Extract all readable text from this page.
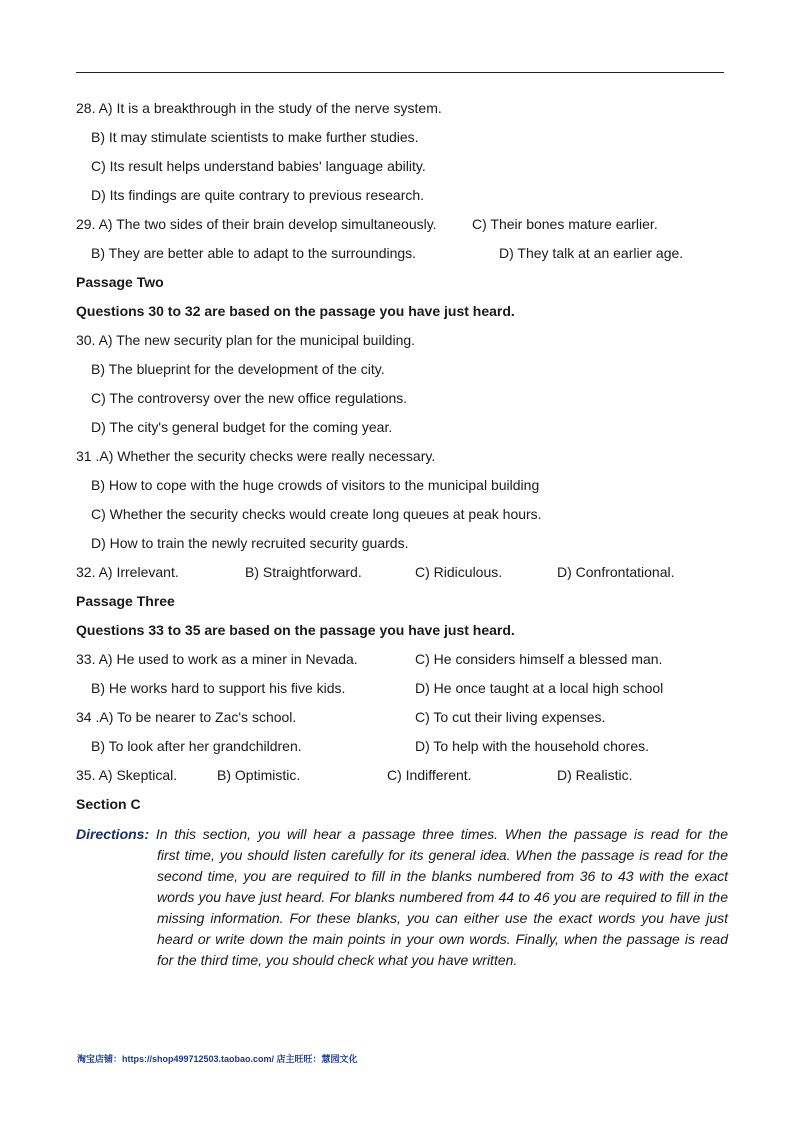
28. A) It is a breakthrough in the study of the nerve system.
B) It may stimulate scientists to make further studies.
C) Its result helps understand babies' language ability.
D) Its findings are quite contrary to previous research.
29. A) The two sides of their brain develop simultaneously.	C) Their bones mature earlier.
B) They are better able to adapt to the surroundings.	D) They talk at an earlier age.
Passage Two
Questions 30 to 32 are based on the passage you have just heard.
30. A) The new security plan for the municipal building.
B) The blueprint for the development of the city.
C) The controversy over the new office regulations.
D) The city's general budget for the coming year.
31 .A) Whether the security checks were really necessary.
B) How to cope with the huge crowds of visitors to the municipal building
C) Whether the security checks would create long queues at peak hours.
D) How to train the newly recruited security guards.
32. A) Irrelevant.	B) Straightforward.	C) Ridiculous.	D) Confrontational.
Passage Three
Questions 33 to 35 are based on the passage you have just heard.
33. A) He used to work as a miner in Nevada.	C) He considers himself a blessed man.
B) He works hard to support his five kids.	D) He once taught at a local high school
34 .A) To be nearer to Zac's school.	C) To cut their living expenses.
B) To look after her grandchildren.	D) To help with the household chores.
35. A) Skeptical.	B) Optimistic.	C) Indifferent.	D) Realistic.
Section C
Directions: In this section, you will hear a passage three times. When the passage is read for the
first time, you should listen carefully for its general idea. When the passage is read for the second time, you are required to fill in the blanks numbered from 36 to 43 with the exact words you have just heard. For blanks numbered from 44 to 46 you are required to fill in the missing information. For these blanks, you can either use the exact words you have just heard or write down the main points in your own words. Finally, when the passage is read for the third time, you should check what you have written.
淘宝店铺：https://shop499712503.taobao.com/ 店主旺旺：慧园文化
